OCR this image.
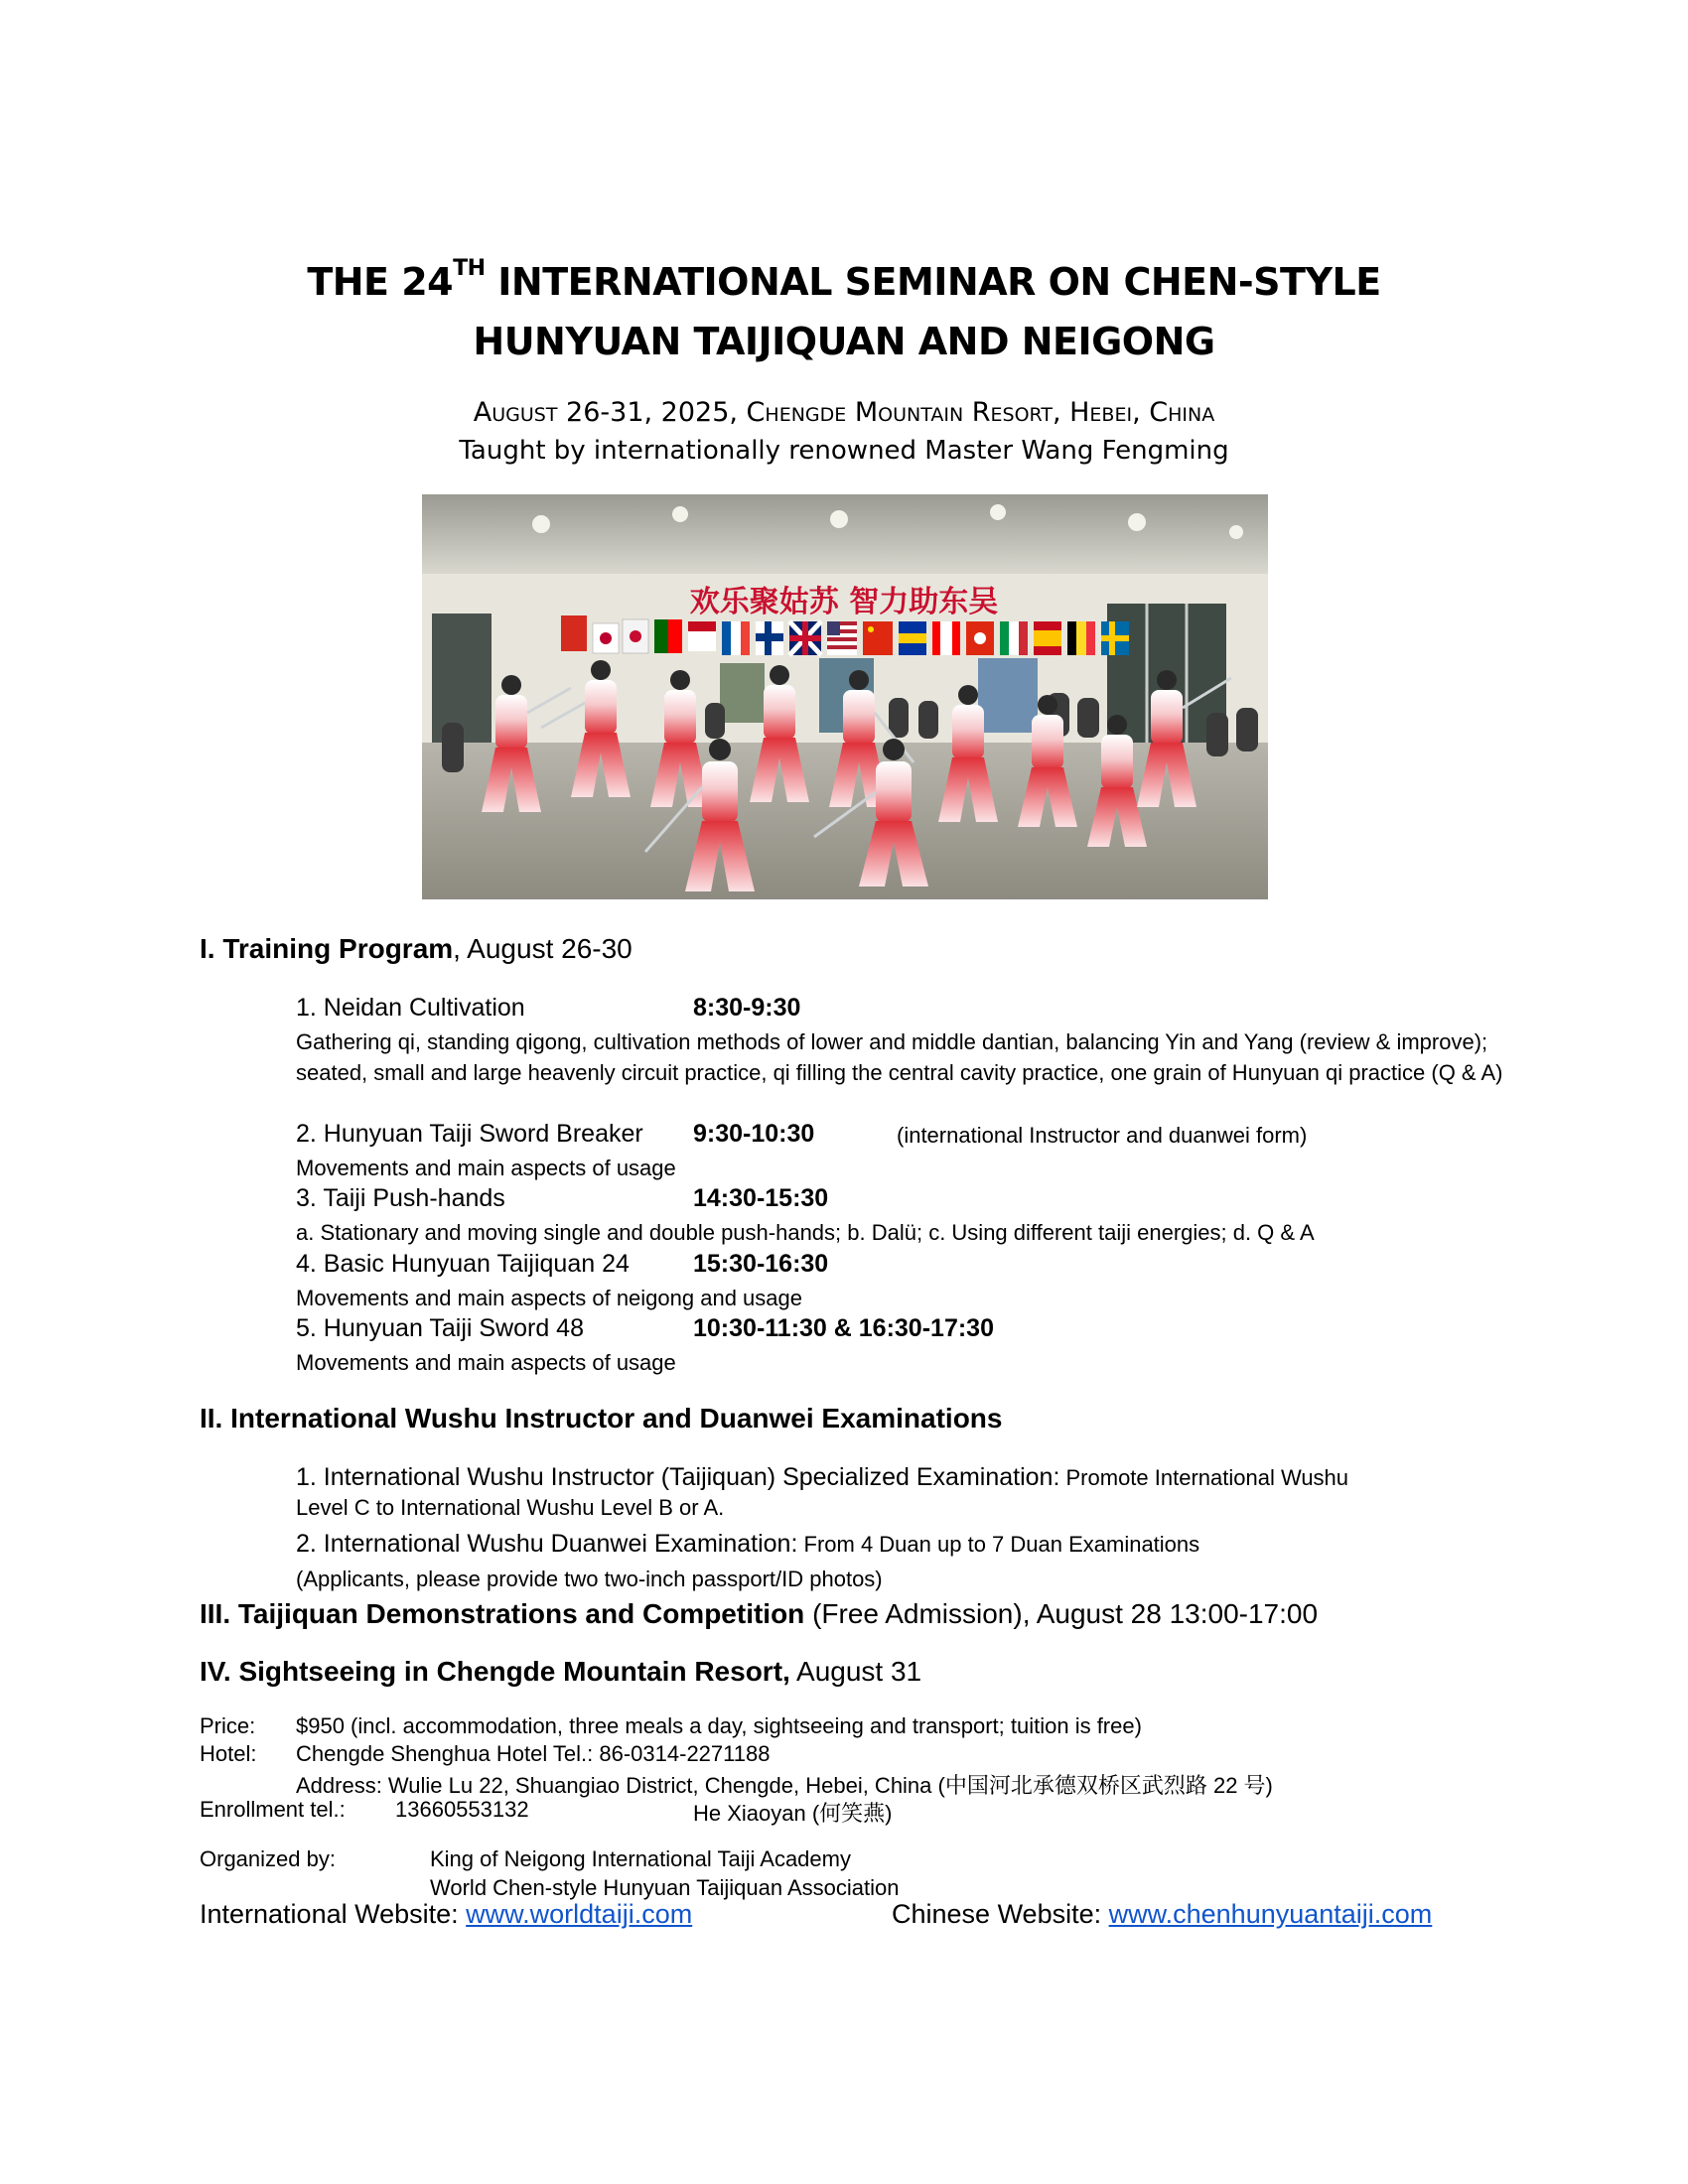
THE 24TH INTERNATIONAL SEMINAR ON CHEN-STYLE
HUNYUAN TAIJIQUAN AND NEIGONG
August 26-31, 2025, Chengde Mountain Resort, Hebei, China
Taught by internationally renowned Master Wang Fengming
欢乐聚姑苏 智力助东吴
I. Training Program, August 26-30
1. Neidan Cultivation	8:30-9:30
Gathering qi, standing qigong, cultivation methods of lower and middle dantian, balancing Yin and Yang (review & improve); seated, small and large heavenly circuit practice, qi filling the central cavity practice, one grain of Hunyuan qi practice (Q & A)
2. Hunyuan Taiji Sword Breaker 9:30-10:30	(international Instructor and duanwei form)
Movements and main aspects of usage
3. Taiji Push-hands	14:30-15:30
a. Stationary and moving single and double push-hands; b. Dalü; c. Using different taiji energies; d. Q & A
4. Basic Hunyuan Taijiquan 24	15:30-16:30
Movements and main aspects of neigong and usage
5. Hunyuan Taiji Sword 48	10:30-11:30 & 16:30-17:30
Movements and main aspects of usage
II. International Wushu Instructor and Duanwei Examinations
1. International Wushu Instructor (Taijiquan) Specialized Examination: Promote International Wushu
Level C to International Wushu Level B or A.
2. International Wushu Duanwei Examination: From 4 Duan up to 7 Duan Examinations
(Applicants, please provide two two-inch passport/ID photos)
III. Taijiquan Demonstrations and Competition (Free Admission), August 28 13:00-17:00
IV. Sightseeing in Chengde Mountain Resort, August 31
Price: $950 (incl. accommodation, three meals a day, sightseeing and transport; tuition is free)
Hotel: Chengde Shenghua Hotel Tel.: 86-0314-2271188
Address: Wulie Lu 22, Shuangiao District, Chengde, Hebei, China (中国河北承德双桥区武烈路 22 号)
Enrollment tel.: 13660553132	He Xiaoyan (何笑燕)
Organized by:	King of Neigong International Taiji Academy
World Chen-style Hunyuan Taijiquan Association
International Website: www.worldtaiji.com	Chinese Website: www.chenhunyuantaiji.com
